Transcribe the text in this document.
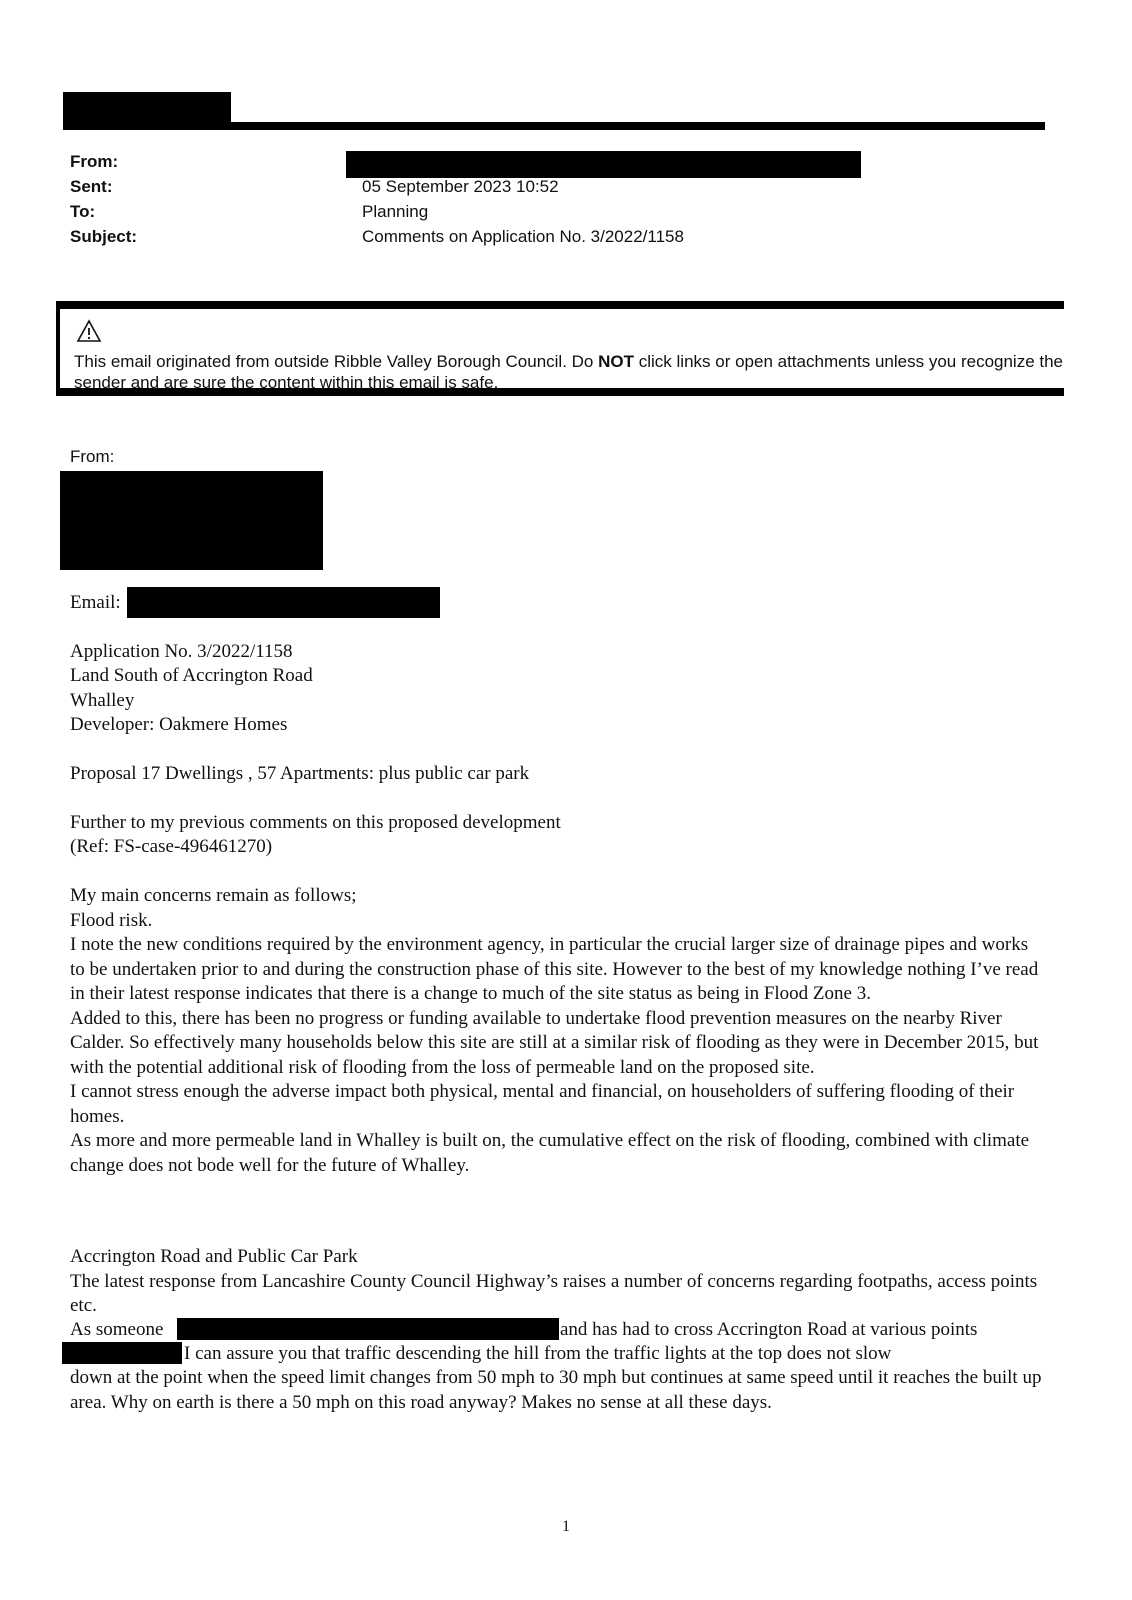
From:
Sent:	05 September 2023 10:52
To:	Planning
Subject:	Comments on Application No. 3/2022/1158
This email originated from outside Ribble Valley Borough Council. Do NOT click links or open attachments unless you recognize the sender and are sure the content within this email is safe.
From:
Email:
Application No. 3/2022/1158
Land South of Accrington Road
Whalley
Developer: Oakmere Homes
Proposal 17 Dwellings , 57 Apartments: plus public car park
Further to my previous comments on this proposed development
(Ref: FS-case-496461270)
My main concerns remain as follows;
Flood risk.
I note the new conditions required by the environment agency, in particular the crucial larger size of drainage pipes and works to be undertaken prior to and during the construction phase of this site. However to the best of my knowledge nothing I’ve read in their latest response indicates that there is a change to much of the site status as being in Flood Zone 3.
Added to this, there has been no progress or funding available to undertake flood prevention measures on the nearby River Calder. So effectively many households below this site are still at a similar risk of flooding as they were in December 2015, but with the potential additional risk of flooding from the loss of permeable land on the proposed site.
I cannot stress enough the adverse impact both physical, mental and financial, on householders of suffering flooding of their homes.
As more and more permeable land in Whalley is built on, the cumulative effect on the risk of flooding, combined with climate change does not bode well for the future of Whalley.
Accrington Road and Public Car Park
The latest response from Lancashire County Council Highway’s raises a number of concerns regarding footpaths, access points etc.
As someone	and has had to cross Accrington Road at various points
I can assure you that traffic descending the hill from the traffic lights at the top does not slow
down at the point when the speed limit changes from 50 mph to 30 mph but continues at same speed until it reaches the built up area. Why on earth is there a 50 mph on this road anyway? Makes no sense at all these days.
1
